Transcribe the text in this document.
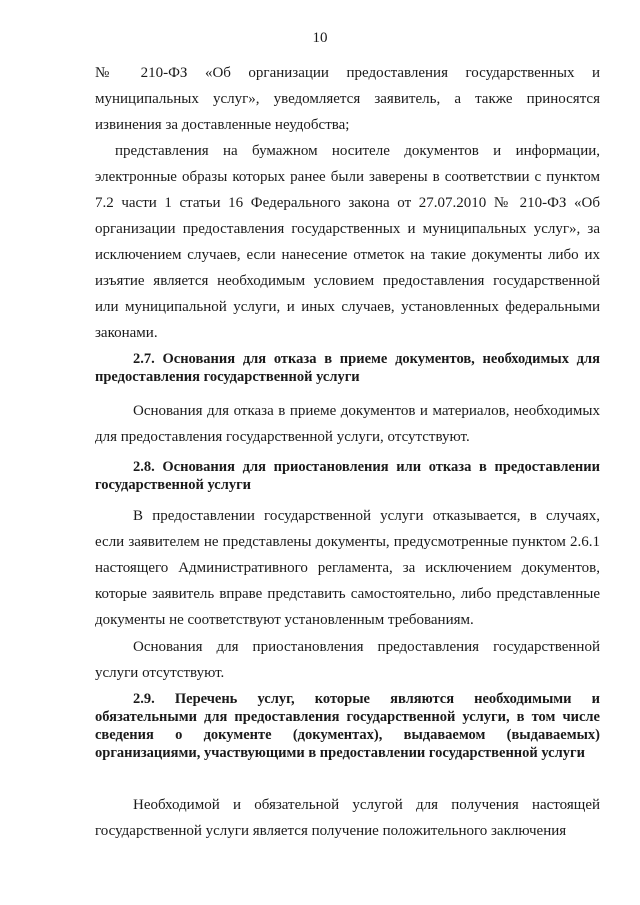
10

№ 210-ФЗ «Об организации предоставления государственных и муниципальных услуг», уведомляется заявитель, а также приносятся извинения за доставленные неудобства;

представления на бумажном носителе документов и информации, электронные образы которых ранее были заверены в соответствии с пунктом 7.2 части 1 статьи 16 Федерального закона от 27.07.2010 № 210-ФЗ «Об организации предоставления государственных и муниципальных услуг», за исключением случаев, если нанесение отметок на такие документы либо их изъятие является необходимым условием предоставления государственной или муниципальной услуги, и иных случаев, установленных федеральными законами.

2.7. Основания для отказа в приеме документов, необходимых для предоставления государственной услуги

Основания для отказа в приеме документов и материалов, необходимых для предоставления государственной услуги, отсутствуют.

2.8. Основания для приостановления или отказа в предоставлении государственной услуги

В предоставлении государственной услуги отказывается, в случаях, если заявителем не представлены документы, предусмотренные пунктом 2.6.1 настоящего Административного регламента, за исключением документов, которые заявитель вправе представить самостоятельно, либо представленные документы не соответствуют установленным требованиям.

Основания для приостановления предоставления государственной услуги отсутствуют.

2.9. Перечень услуг, которые являются необходимыми и обязательными для предоставления государственной услуги, в том числе сведения о документе (документах), выдаваемом (выдаваемых) организациями, участвующими в предоставлении государственной услуги

Необходимой и обязательной услугой для получения настоящей государственной услуги является получение положительного заключения
